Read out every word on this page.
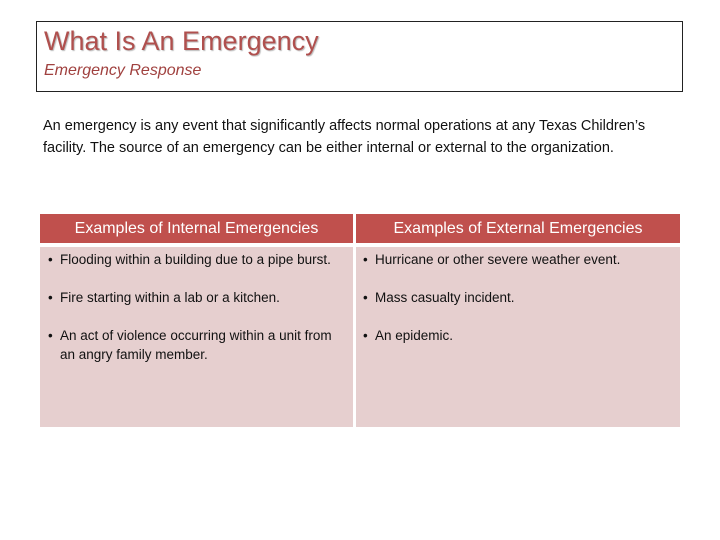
What Is An Emergency
Emergency Response
An emergency is any event that significantly affects normal operations at any Texas Children’s facility. The source of an emergency can be either internal or external to the organization.
Examples of Internal Emergencies	Examples of External Emergencies
• Flooding within a building due to a pipe burst.
• Fire starting within a lab or a kitchen.
• An act of violence occurring within a unit from an angry family member.
• Hurricane or other severe weather event.
• Mass casualty incident.
• An epidemic.
